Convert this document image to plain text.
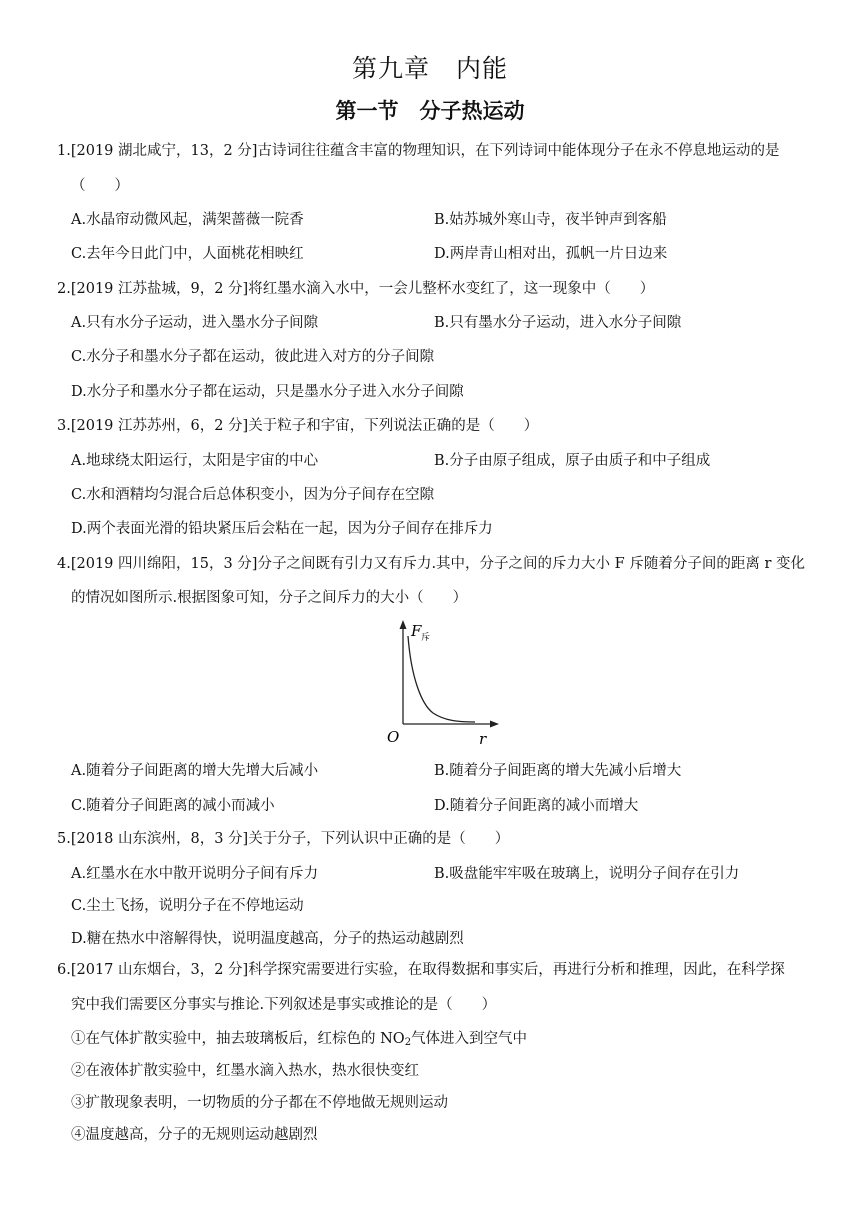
第九章　内能
第一节　分子热运动
1.[2019 湖北咸宁，13，2 分]古诗词往往蕴含丰富的物理知识，在下列诗词中能体现分子在永不停息地运动的是
（　　）
A.水晶帘动微风起，满架蔷薇一院香	B.姑苏城外寒山寺，夜半钟声到客船
C.去年今日此门中，人面桃花相映红	D.两岸青山相对出，孤帆一片日边来
2.[2019 江苏盐城，9，2 分]将红墨水滴入水中，一会儿整杯水变红了，这一现象中（　　）
A.只有水分子运动，进入墨水分子间隙	B.只有墨水分子运动，进入水分子间隙
C.水分子和墨水分子都在运动，彼此进入对方的分子间隙
D.水分子和墨水分子都在运动，只是墨水分子进入水分子间隙
3.[2019 江苏苏州，6，2 分]关于粒子和宇宙，下列说法正确的是（　　）
A.地球绕太阳运行，太阳是宇宙的中心	B.分子由原子组成，原子由质子和中子组成
C.水和酒精均匀混合后总体积变小，因为分子间存在空隙
D.两个表面光滑的铅块紧压后会粘在一起，因为分子间存在排斥力
4.[2019 四川绵阳，15，3 分]分子之间既有引力又有斥力.其中，分子之间的斥力大小 F 斥随着分子间的距离 r 变化
的情况如图所示.根据图象可知，分子之间斥力的大小（　　）
F 斥
r
O
A.随着分子间距离的增大先增大后减小	B.随着分子间距离的增大先减小后增大
C.随着分子间距离的减小而减小	D.随着分子间距离的减小而增大
5.[2018 山东滨州，8，3 分]关于分子，下列认识中正确的是（　　）
A.红墨水在水中散开说明分子间有斥力	B.吸盘能牢牢吸在玻璃上，说明分子间存在引力
C.尘土飞扬，说明分子在不停地运动
D.糖在热水中溶解得快，说明温度越高，分子的热运动越剧烈
6.[2017 山东烟台，3，2 分]科学探究需要进行实验，在取得数据和事实后，再进行分析和推理，因此，在科学探
究中我们需要区分事实与推论.下列叙述是事实或推论的是（　　）
①在气体扩散实验中，抽去玻璃板后，红棕色的 NO2气体进入到空气中
②在液体扩散实验中，红墨水滴入热水，热水很快变红
③扩散现象表明，一切物质的分子都在不停地做无规则运动
④温度越高，分子的无规则运动越剧烈
